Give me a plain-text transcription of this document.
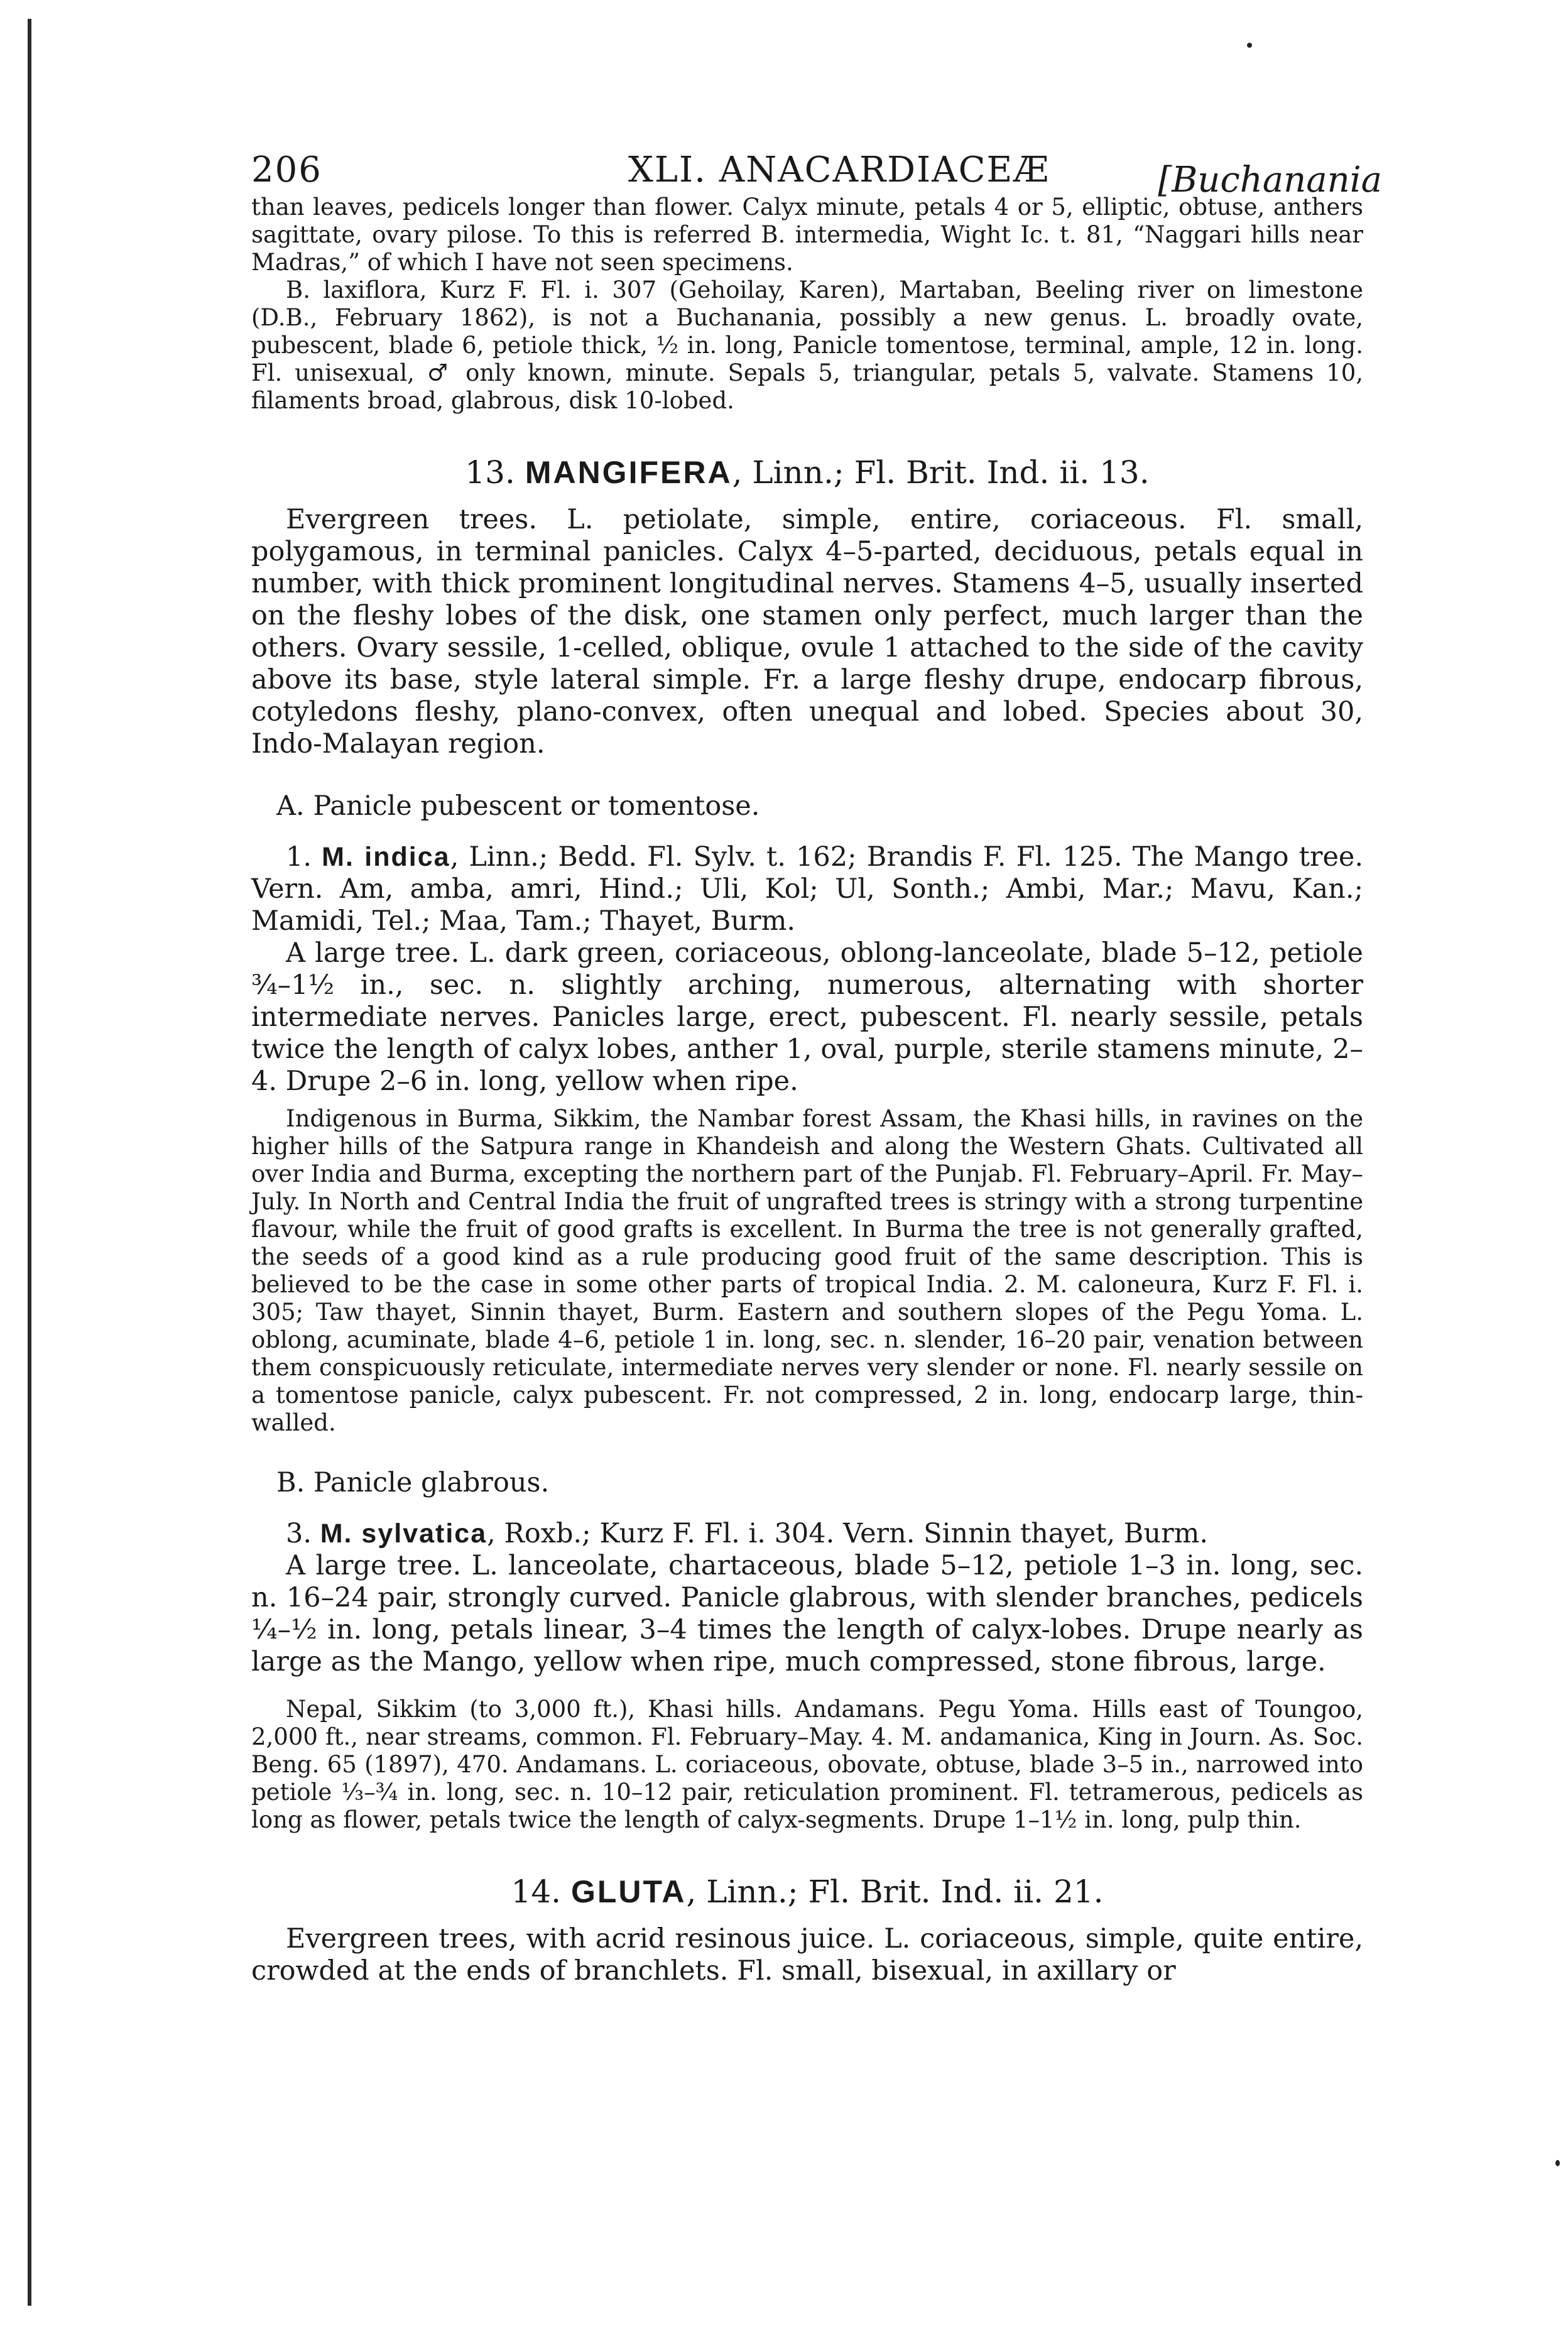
206	XLI. ANACARDIACEÆ	[Buchanania

than leaves, pedicels longer than flower. Calyx minute, petals 4 or 5, elliptic, obtuse, anthers sagittate, ovary pilose. To this is referred B. intermedia, Wight Ic. t. 81, “Naggari hills near Madras,” of which I have not seen specimens.

B. laxiflora, Kurz F. Fl. i. 307 (Gehoilay, Karen), Martaban, Beeling river on limestone (D.B., February 1862), is not a Buchanania, possibly a new genus. L. broadly ovate, pubescent, blade 6, petiole thick, ½ in. long, Panicle tomentose, terminal, ample, 12 in. long. Fl. unisexual, ♂ only known, minute. Sepals 5, triangular, petals 5, valvate. Stamens 10, filaments broad, glabrous, disk 10-lobed.

13. MANGIFERA, Linn.; Fl. Brit. Ind. ii. 13.

Evergreen trees. L. petiolate, simple, entire, coriaceous. Fl. small, polygamous, in terminal panicles. Calyx 4–5-parted, deciduous, petals equal in number, with thick prominent longitudinal nerves. Stamens 4–5, usually inserted on the fleshy lobes of the disk, one stamen only perfect, much larger than the others. Ovary sessile, 1-celled, oblique, ovule 1 attached to the side of the cavity above its base, style lateral simple. Fr. a large fleshy drupe, endocarp fibrous, cotyledons fleshy, plano-convex, often unequal and lobed. Species about 30, Indo-Malayan region.

A. Panicle pubescent or tomentose.

1. M. indica, Linn.; Bedd. Fl. Sylv. t. 162; Brandis F. Fl. 125. The Mango tree. Vern. Am, amba, amri, Hind.; Uli, Kol; Ul, Sonth.; Ambi, Mar.; Mavu, Kan.; Mamidi, Tel.; Maa, Tam.; Thayet, Burm.

A large tree. L. dark green, coriaceous, oblong-lanceolate, blade 5–12, petiole ¾–1½ in., sec. n. slightly arching, numerous, alternating with shorter intermediate nerves. Panicles large, erect, pubescent. Fl. nearly sessile, petals twice the length of calyx lobes, anther 1, oval, purple, sterile stamens minute, 2–4. Drupe 2–6 in. long, yellow when ripe.

Indigenous in Burma, Sikkim, the Nambar forest Assam, the Khasi hills, in ravines on the higher hills of the Satpura range in Khandeish and along the Western Ghats. Cultivated all over India and Burma, excepting the northern part of the Punjab. Fl. February–April. Fr. May–July. In North and Central India the fruit of ungrafted trees is stringy with a strong turpentine flavour, while the fruit of good grafts is excellent. In Burma the tree is not generally grafted, the seeds of a good kind as a rule producing good fruit of the same description. This is believed to be the case in some other parts of tropical India. 2. M. caloneura, Kurz F. Fl. i. 305; Taw thayet, Sinnin thayet, Burm. Eastern and southern slopes of the Pegu Yoma. L. oblong, acuminate, blade 4–6, petiole 1 in. long, sec. n. slender, 16–20 pair, venation between them conspicuously reticulate, intermediate nerves very slender or none. Fl. nearly sessile on a tomentose panicle, calyx pubescent. Fr. not compressed, 2 in. long, endocarp large, thin-walled.

B. Panicle glabrous.

3. M. sylvatica, Roxb.; Kurz F. Fl. i. 304. Vern. Sinnin thayet, Burm.

A large tree. L. lanceolate, chartaceous, blade 5–12, petiole 1–3 in. long, sec. n. 16–24 pair, strongly curved. Panicle glabrous, with slender branches, pedicels ¼–½ in. long, petals linear, 3–4 times the length of calyx-lobes. Drupe nearly as large as the Mango, yellow when ripe, much compressed, stone fibrous, large.

Nepal, Sikkim (to 3,000 ft.), Khasi hills. Andamans. Pegu Yoma. Hills east of Toungoo, 2,000 ft., near streams, common. Fl. February–May. 4. M. andamanica, King in Journ. As. Soc. Beng. 65 (1897), 470. Andamans. L. coriaceous, obovate, obtuse, blade 3–5 in., narrowed into petiole ⅓–¾ in. long, sec. n. 10–12 pair, reticulation prominent. Fl. tetramerous, pedicels as long as flower, petals twice the length of calyx-segments. Drupe 1–1½ in. long, pulp thin.

14. GLUTA, Linn.; Fl. Brit. Ind. ii. 21.

Evergreen trees, with acrid resinous juice. L. coriaceous, simple, quite entire, crowded at the ends of branchlets. Fl. small, bisexual, in axillary or
